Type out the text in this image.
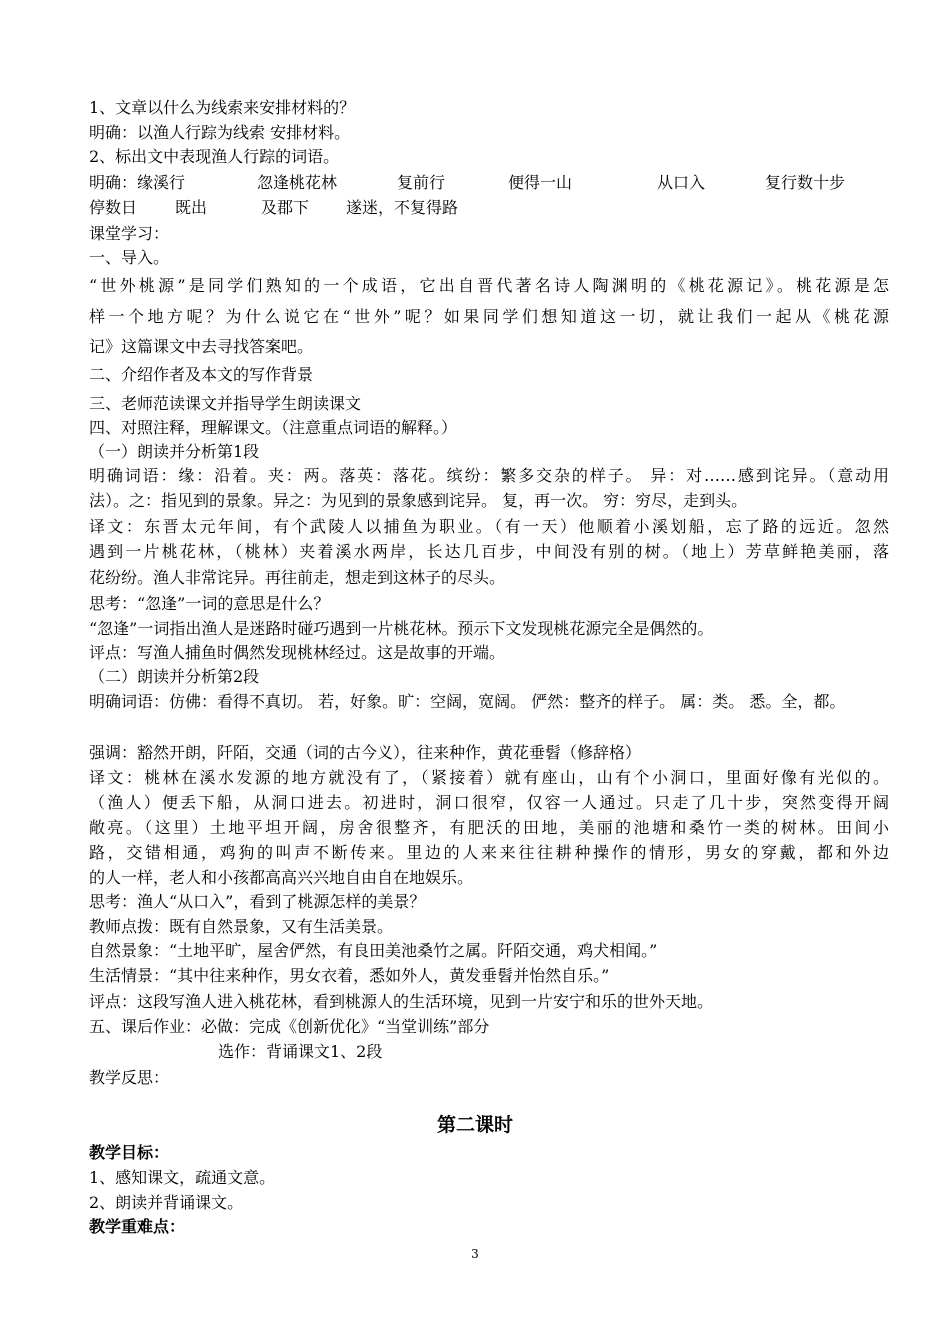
1、文章以什么为线索来安排材料的？
明确：以渔人行踪为线索 安排材料。
2、标出文中表现渔人行踪的词语。
明确：缘溪行	忽逢桃花林	复前行	便得一山	从口入	复行数十步
停数日 既出	及郡下 遂迷，不复得路
课堂学习：
一、导入。
“世外桃源”是同学们熟知的一个成语，它出自晋代著名诗人陶渊明的《桃花源记》。桃花源是怎
样一个地方呢？为什么说它在“世外”呢？如果同学们想知道这一切，就让我们一起从《桃花源
记》这篇课文中去寻找答案吧。
二、介绍作者及本文的写作背景
三、老师范读课文并指导学生朗读课文
四、对照注释，理解课文。（注意重点词语的解释。）
（一）朗读并分析第1段
明确词语：缘：沿着。夹：两。落英：落花。缤纷：繁多交杂的样子。 异：对……感到诧异。（意动用
法）。之：指见到的景象。异之：为见到的景象感到诧异。 复，再一次。 穷：穷尽，走到头。
译文：东晋太元年间，有个武陵人以捕鱼为职业。（有一天）他顺着小溪划船，忘了路的远近。忽然
遇到一片桃花林，（桃林）夹着溪水两岸，长达几百步，中间没有别的树。（地上）芳草鲜艳美丽，落
花纷纷。渔人非常诧异。再往前走，想走到这林子的尽头。
思考：“忽逢”一词的意思是什么？
“忽逢”一词指出渔人是迷路时碰巧遇到一片桃花林。预示下文发现桃花源完全是偶然的。
评点：写渔人捕鱼时偶然发现桃林经过。这是故事的开端。
（二）朗读并分析第2段
明确词语：仿佛：看得不真切。 若，好象。旷：空阔，宽阔。 俨然：整齐的样子。 属：类。 悉。全，都。
强调：豁然开朗，阡陌，交通（词的古今义），往来种作，黄花垂髫（修辞格）
译文：桃林在溪水发源的地方就没有了，（紧接着）就有座山，山有个小洞口，里面好像有光似的。
（渔人）便丢下船，从洞口进去。初进时，洞口很窄，仅容一人通过。只走了几十步，突然变得开阔
敞亮。（这里）土地平坦开阔，房舍很整齐，有肥沃的田地，美丽的池塘和桑竹一类的树林。田间小
路，交错相通，鸡狗的叫声不断传来。里边的人来来往往耕种操作的情形，男女的穿戴，都和外边
的人一样，老人和小孩都高高兴兴地自由自在地娱乐。
思考：渔人“从口入”，看到了桃源怎样的美景？
教师点拨：既有自然景象，又有生活美景。
自然景象：“土地平旷，屋舍俨然，有良田美池桑竹之属。阡陌交通，鸡犬相闻。”
生活情景：“其中往来种作，男女衣着，悉如外人，黄发垂髫并怡然自乐。”
评点：这段写渔人进入桃花林，看到桃源人的生活环境，见到一片安宁和乐的世外天地。
五、课后作业：必做：完成《创新优化》“当堂训练”部分
选作：背诵课文1、2段
教学反思：
第二课时
教学目标：
1、感知课文，疏通文意。
2、朗读并背诵课文。
教学重难点：
3
